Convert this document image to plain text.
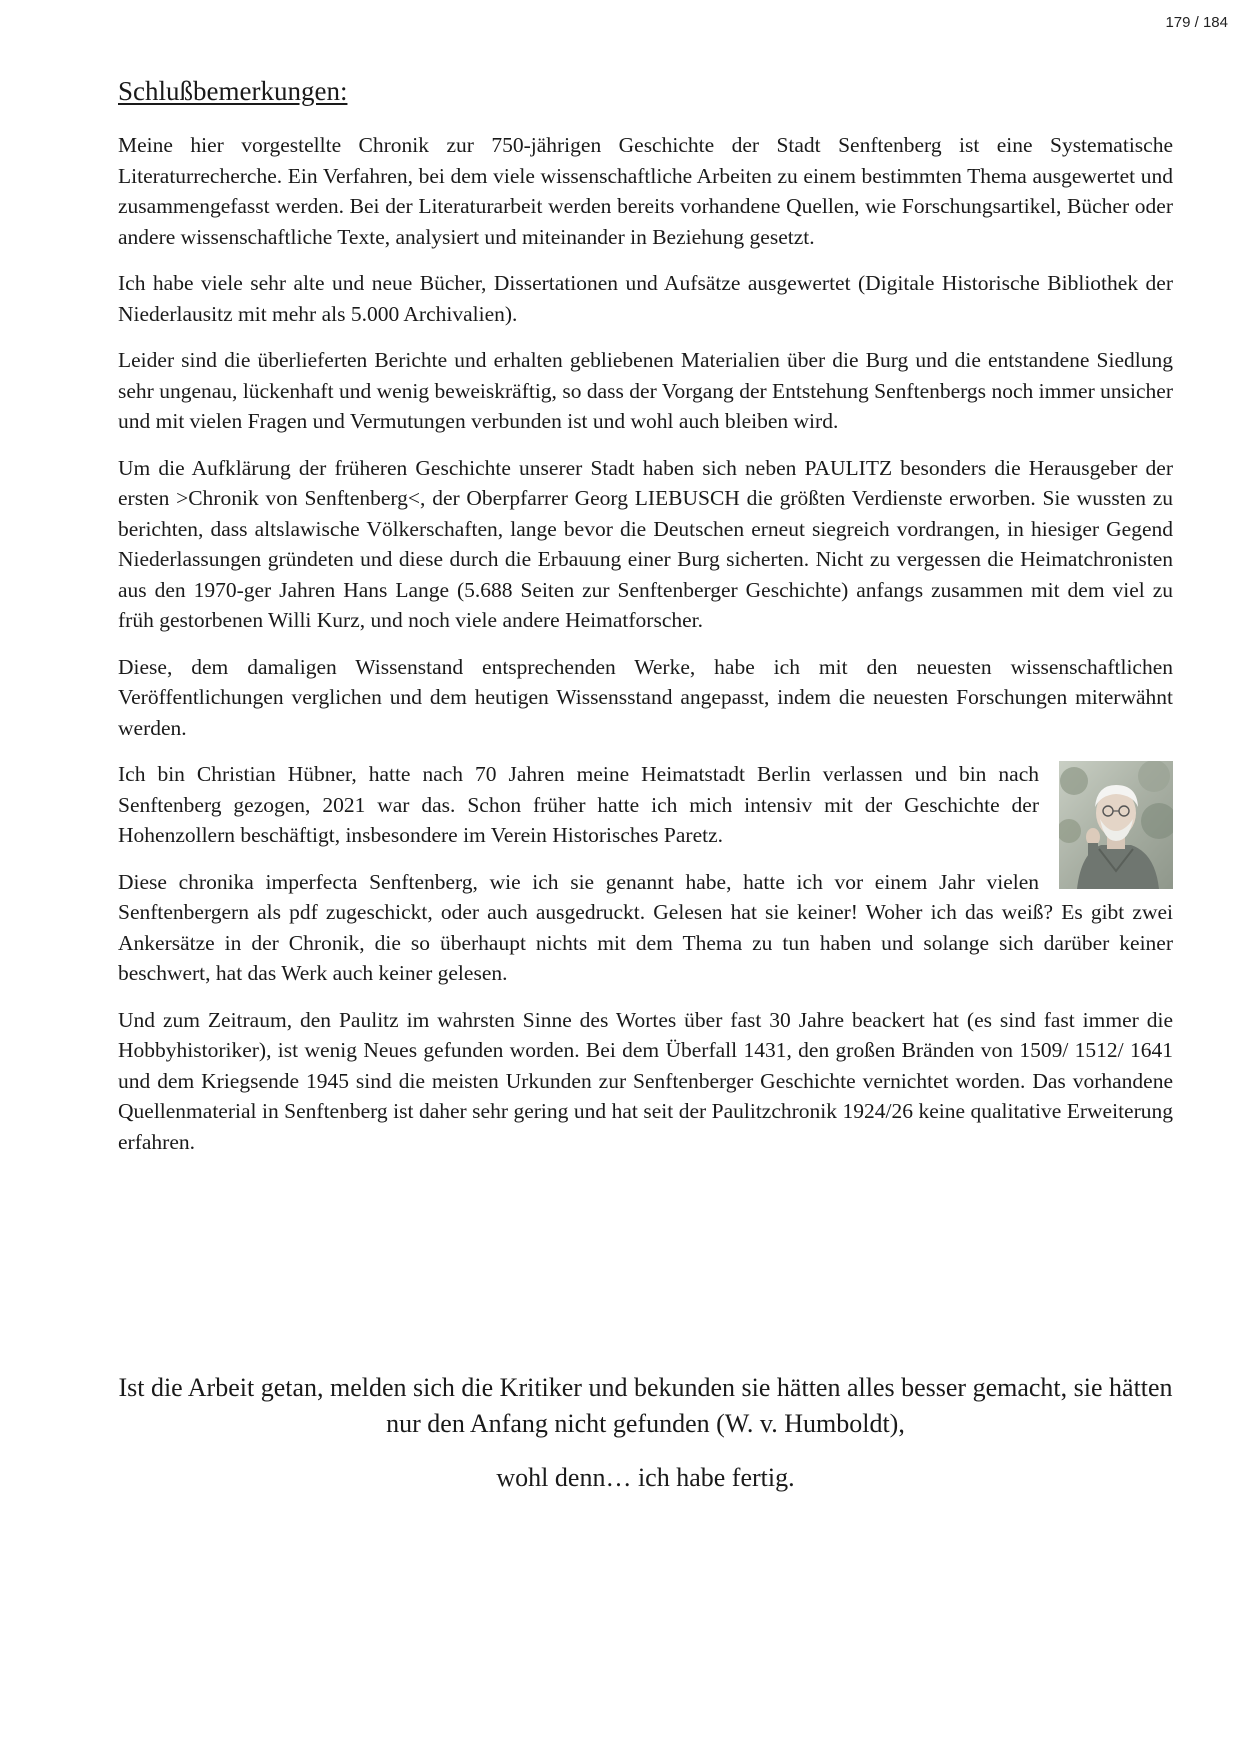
179 / 184
Schlußbemerkungen:

Meine hier vorgestellte Chronik zur 750-jährigen Geschichte der Stadt Senftenberg ist eine Systematische Literaturrecherche. Ein Verfahren, bei dem viele wissenschaftliche Arbeiten zu einem bestimmten Thema ausgewertet und zusammengefasst werden. Bei der Literaturarbeit werden bereits vorhandene Quellen, wie Forschungsartikel, Bücher oder andere wissenschaftliche Texte, analysiert und miteinander in Beziehung gesetzt.

Ich habe viele sehr alte und neue Bücher, Dissertationen und Aufsätze ausgewertet (Digitale Historische Bibliothek der Niederlausitz mit mehr als 5.000 Archivalien).

Leider sind die überlieferten Berichte und erhalten gebliebenen Materialien über die Burg und die entstandene Siedlung sehr ungenau, lückenhaft und wenig beweiskräftig, so dass der Vorgang der Entstehung Senftenbergs noch immer unsicher und mit vielen Fragen und Vermutungen verbunden ist und wohl auch bleiben wird.

Um die Aufklärung der früheren Geschichte unserer Stadt haben sich neben PAULITZ besonders die Herausgeber der ersten >Chronik von Senftenberg<, der Oberpfarrer Georg LIEBUSCH die größten Verdienste erworben. Sie wussten zu berichten, dass altslawische Völkerschaften, lange bevor die Deutschen erneut siegreich vordrangen, in hiesiger Gegend Niederlassungen gründeten und diese durch die Erbauung einer Burg sicherten. Nicht zu vergessen die Heimatchronisten aus den 1970-ger Jahren Hans Lange (5.688 Seiten zur Senftenberger Geschichte) anfangs zusammen mit dem viel zu früh gestorbenen Willi Kurz, und noch viele andere Heimatforscher.

Diese, dem damaligen Wissenstand entsprechenden Werke, habe ich mit den neuesten wissenschaftlichen Veröffentlichungen verglichen und dem heutigen Wissensstand angepasst, indem die neuesten Forschungen miterwähnt werden.

Ich bin Christian Hübner, hatte nach 70 Jahren meine Heimatstadt Berlin verlassen und bin nach Senftenberg gezogen, 2021 war das. Schon früher hatte ich mich intensiv mit der Geschichte der Hohenzollern beschäftigt, insbesondere im Verein Historisches Paretz.

Diese chronika imperfecta Senftenberg, wie ich sie genannt habe, hatte ich vor einem Jahr vielen Senftenbergern als pdf zugeschickt, oder auch ausgedruckt. Gelesen hat sie keiner! Woher ich das weiß? Es gibt zwei Ankersätze in der Chronik, die so überhaupt nichts mit dem Thema zu tun haben und solange sich darüber keiner beschwert, hat das Werk auch keiner gelesen.

Und zum Zeitraum, den Paulitz im wahrsten Sinne des Wortes über fast 30 Jahre beackert hat (es sind fast immer die Hobbyhistoriker), ist wenig Neues gefunden worden. Bei dem Überfall 1431, den großen Bränden von 1509/ 1512/ 1641 und dem Kriegsende 1945 sind die meisten Urkunden zur Senftenberger Geschichte vernichtet worden. Das vorhandene Quellenmaterial in Senftenberg ist daher sehr gering und hat seit der Paulitzchronik 1924/26 keine qualitative Erweiterung erfahren.

Ist die Arbeit getan, melden sich die Kritiker und bekunden sie hätten alles besser gemacht, sie hätten nur den Anfang nicht gefunden (W. v. Humboldt),

wohl denn… ich habe fertig.
